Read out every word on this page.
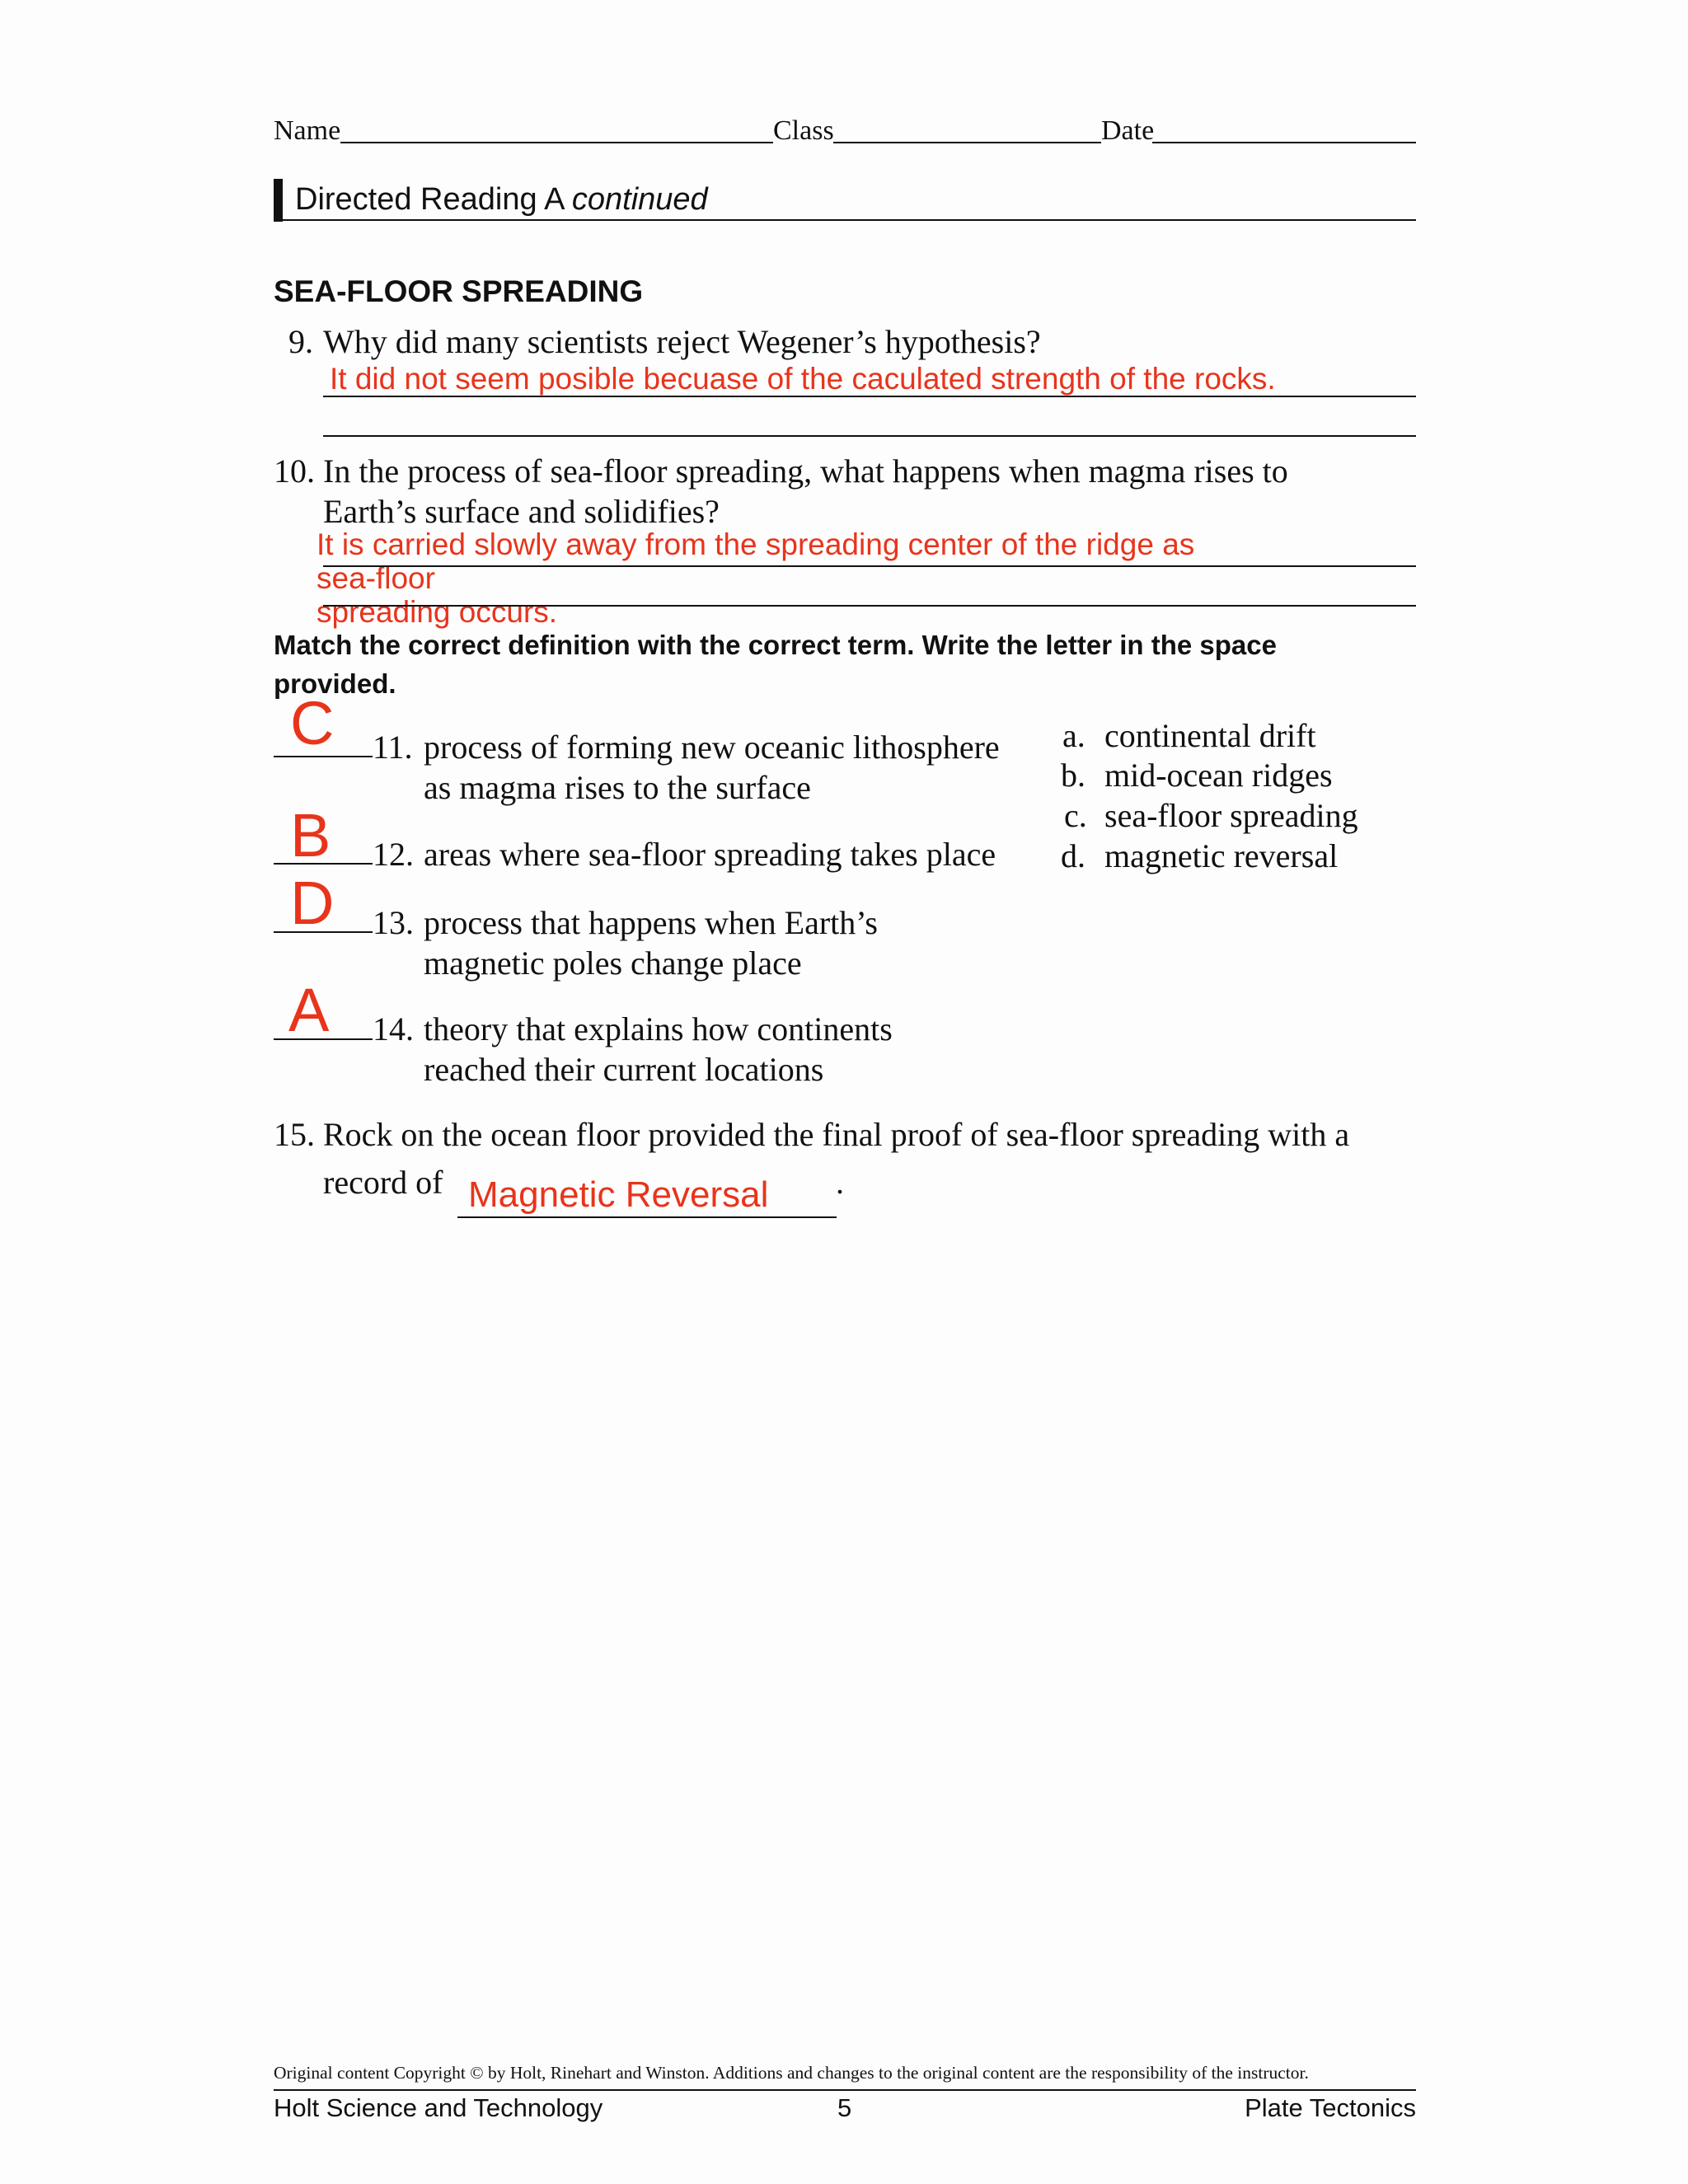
Name	Class	Date
Directed Reading A continued
SEA-FLOOR SPREADING
9. Why did many scientists reject Wegener’s hypothesis?
It did not seem posible becuase of the caculated strength of the rocks.
10. In the process of sea-floor spreading, what happens when magma rises to
Earth’s surface and solidifies?
It is carried slowly away from the spreading center of the ridge as
sea-floor
spreading occurs.
Match the correct definition with the correct term. Write the letter in the space
provided.
C 11. process of forming new oceanic lithosphere
as magma rises to the surface
B 12. areas where sea-floor spreading takes place
D 13. process that happens when Earth’s
magnetic poles change place
A 14. theory that explains how continents
reached their current locations
a. continental drift
b. mid-ocean ridges
c. sea-floor spreading
d. magnetic reversal
15. Rock on the ocean floor provided the final proof of sea-floor spreading with a
record of Magnetic Reversal .
Original content Copyright © by Holt, Rinehart and Winston. Additions and changes to the original content are the responsibility of the instructor.
Holt Science and Technology	5	Plate Tectonics
